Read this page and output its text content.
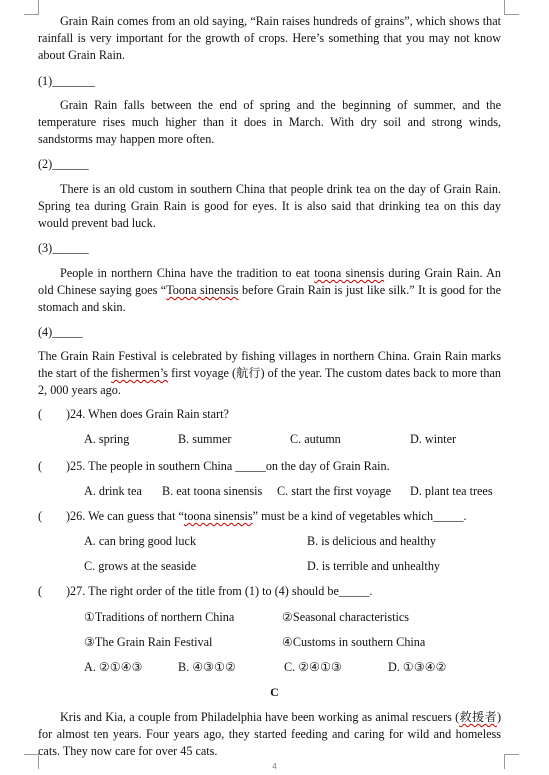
Grain Rain comes from an old saying, “Rain raises hundreds of grains”, which shows that rainfall is very important for the growth of crops. Here’s something that you may not know about Grain Rain.

(1)_______

Grain Rain falls between the end of spring and the beginning of summer, and the temperature rises much higher than it does in March. With dry soil and strong winds, sandstorms may happen more often.

(2)______

There is an old custom in southern China that people drink tea on the day of Grain Rain. Spring tea during Grain Rain is good for eyes. It is also said that drinking tea on this day would prevent bad luck.

(3)______

People in northern China have the tradition to eat toona sinensis during Grain Rain. An old Chinese saying goes “Toona sinensis before Grain Rain is just like silk.” It is good for the stomach and skin.

(4)_____

The Grain Rain Festival is celebrated by fishing villages in northern China. Grain Rain marks the start of the fishermen’s first voyage (航行) of the year. The custom dates back to more than 2, 000 years ago.

( )24. When does Grain Rain start?
A. spring	B. summer	C. autumn	D. winter
( )25. The people in southern China _____on the day of Grain Rain.
A. drink tea B. eat toona sinensis C. start the first voyage D. plant tea trees
( )26. We can guess that “toona sinensis” must be a kind of vegetables which_____.
A. can bring good luck	B. is delicious and healthy
C. grows at the seaside	D. is terrible and unhealthy
( )27. The right order of the title from (1) to (4) should be_____.
①Traditions of northern China	②Seasonal characteristics
③The Grain Rain Festival	④Customs in southern China
A. ②①④③	B. ④③①②	C. ②④①③	D. ①③④②
C

Kris and Kia, a couple from Philadelphia have been working as animal rescuers (救援者) for almost ten years. Four years ago, they started feeding and caring for wild and homeless cats. They now care for over 45 cats.

4
